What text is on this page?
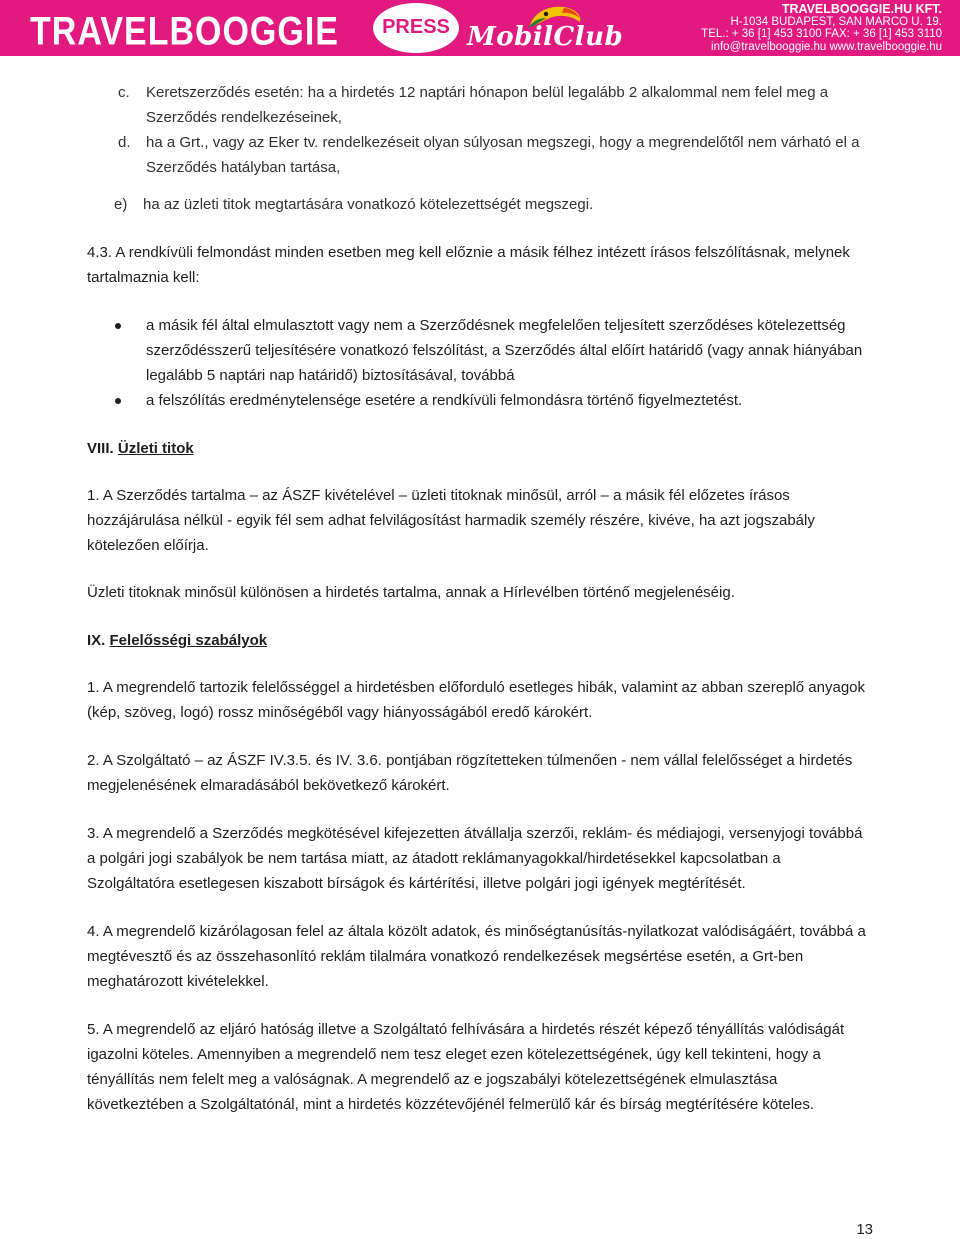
TRAVELBOOGGIE	PRESS MobilClub
TRAVELBOOGGIE.HU KFT.
H-1034 BUDAPEST, SAN MARCO U. 19.
TEL.: + 36 [1] 453 3100 FAX: + 36 [1] 453 3110
info@travelbooggie.hu www.travelbooggie.hu

c. Keretszerződés esetén: ha a hirdetés 12 naptári hónapon belül legalább 2 alkalommal nem felel meg a Szerződés rendelkezéseinek,

d. ha a Grt., vagy az Eker tv. rendelkezéseit olyan súlyosan megszegi, hogy a megrendelőtől nem várható el a Szerződés hatályban tartása,

e) ha az üzleti titok megtartására vonatkozó kötelezettségét megszegi.

4.3. A rendkívüli felmondást minden esetben meg kell előznie a másik félhez intézett írásos felszólításnak, melynek tartalmaznia kell:

a másik fél által elmulasztott vagy nem a Szerződésnek megfelelően teljesített szerződéses kötelezettség szerződésszerű teljesítésére vonatkozó felszólítást, a Szerződés által előírt határidő (vagy annak hiányában legalább 5 naptári nap határidő) biztosításával, továbbá

a felszólítás eredménytelensége esetére a rendkívüli felmondásra történő figyelmeztetést.

VIII. Üzleti titok

1. A Szerződés tartalma – az ÁSZF kivételével – üzleti titoknak minősül, arról – a másik fél előzetes írásos hozzájárulása nélkül - egyik fél sem adhat felvilágosítást harmadik személy részére, kivéve, ha azt jogszabály kötelezően előírja.

Üzleti titoknak minősül különösen a hirdetés tartalma, annak a Hírlevélben történő megjelenéséig.

IX. Felelősségi szabályok

1. A megrendelő tartozik felelősséggel a hirdetésben előforduló esetleges hibák, valamint az abban szereplő anyagok (kép, szöveg, logó) rossz minőségéből vagy hiányosságából eredő károkért.

2. A Szolgáltató – az ÁSZF IV.3.5. és IV. 3.6. pontjában rögzítetteken túlmenően - nem vállal felelősséget a hirdetés megjelenésének elmaradásából bekövetkező károkért.

3. A megrendelő a Szerződés megkötésével kifejezetten átvállalja szerzői, reklám- és médiajogi, versenyjogi továbbá a polgári jogi szabályok be nem tartása miatt, az átadott reklámanyagokkal/hirdetésekkel kapcsolatban a Szolgáltatóra esetlegesen kiszabott bírságok és kártérítési, illetve polgári jogi igények megtérítését.

4. A megrendelő kizárólagosan felel az általa közölt adatok, és minőségtanúsítás-nyilatkozat valódiságáért, továbbá a megtévesztő és az összehasonlító reklám tilalmára vonatkozó rendelkezések megsértése esetén, a Grt-ben meghatározott kivételekkel.

5. A megrendelő az eljáró hatóság illetve a Szolgáltató felhívására a hirdetés részét képező tényállítás valódiságát igazolni köteles. Amennyiben a megrendelő nem tesz eleget ezen kötelezettségének, úgy kell tekinteni, hogy a tényállítás nem felelt meg a valóságnak. A megrendelő az e jogszabályi kötelezettségének elmulasztása következtében a Szolgáltatónál, mint a hirdetés közzétevőjénél felmerülő kár és bírság megtérítésére köteles.

13
